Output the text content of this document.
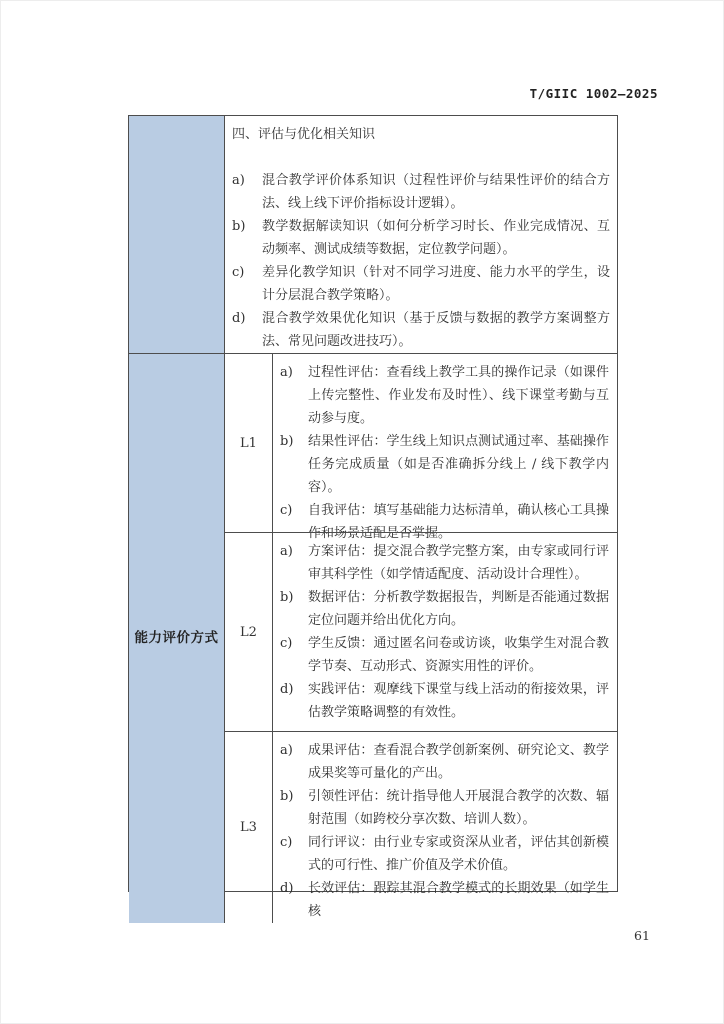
T/GIIC 1002—2025
四、评估与优化相关知识
a)	混合教学评价体系知识（过程性评价与结果性评价的结合方法、线上线下评价指标设计逻辑）。
b)	教学数据解读知识（如何分析学习时长、作业完成情况、互动频率、测试成绩等数据，定位教学问题）。
c)	差异化教学知识（针对不同学习进度、能力水平的学生，设计分层混合教学策略）。
d)	混合教学效果优化知识（基于反馈与数据的教学方案调整方法、常见问题改进技巧）。
能力评价方式
L1
a)	过程性评估：查看线上教学工具的操作记录（如课件上传完整性、作业发布及时性）、线下课堂考勤与互动参与度。
b)	结果性评估：学生线上知识点测试通过率、基础操作任务完成质量（如是否准确拆分线上 / 线下教学内容）。
c)	自我评估：填写基础能力达标清单，确认核心工具操作和场景适配是否掌握。
L2
a)	方案评估：提交混合教学完整方案，由专家或同行评审其科学性（如学情适配度、活动设计合理性）。
b)	数据评估：分析教学数据报告，判断是否能通过数据定位问题并给出优化方向。
c)	学生反馈：通过匿名问卷或访谈，收集学生对混合教学节奏、互动形式、资源实用性的评价。
d)	实践评估：观摩线下课堂与线上活动的衔接效果，评估教学策略调整的有效性。
L3
a)	成果评估：查看混合教学创新案例、研究论文、教学成果奖等可量化的产出。
b)	引领性评估：统计指导他人开展混合教学的次数、辐射范围（如跨校分享次数、培训人数）。
c)	同行评议：由行业专家或资深从业者，评估其创新模式的可行性、推广价值及学术价值。
d)	长效评估：跟踪其混合教学模式的长期效果（如学生核
61
